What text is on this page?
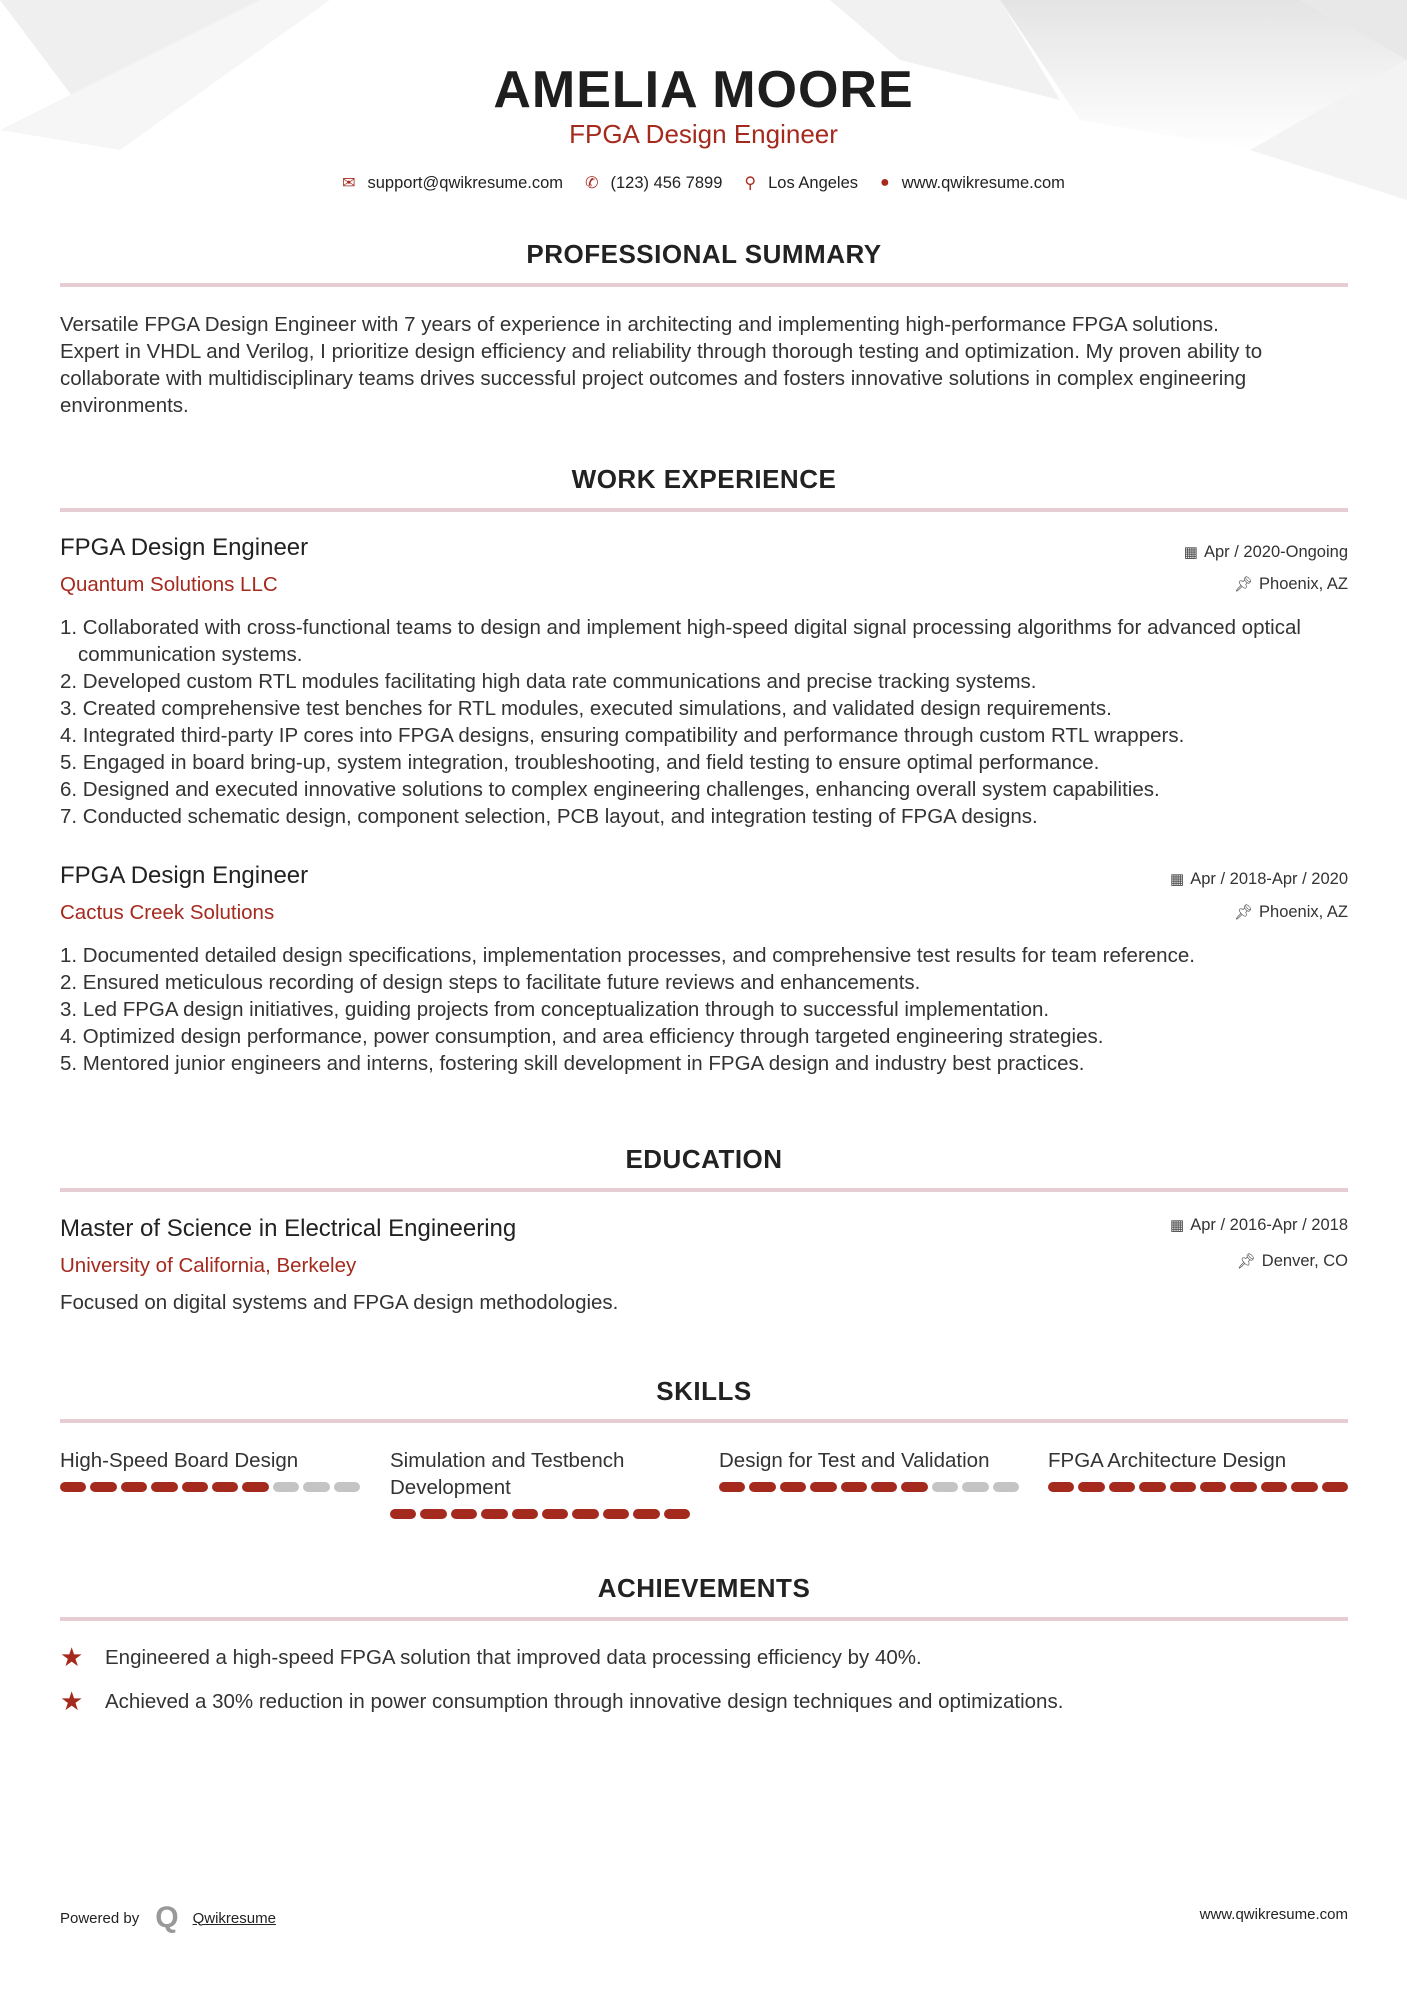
AMELIA MOORE
FPGA Design Engineer
✉ support@qwikresume.com ✆ (123) 456 7899 ⚲ Los Angeles ● www.qwikresume.com
PROFESSIONAL SUMMARY
Versatile FPGA Design Engineer with 7 years of experience in architecting and implementing high-performance FPGA solutions.
Expert in VHDL and Verilog, I prioritize design efficiency and reliability through thorough testing and optimization. My proven ability to
collaborate with multidisciplinary teams drives successful project outcomes and fosters innovative solutions in complex engineering
environments.
WORK EXPERIENCE
FPGA Design Engineer
Quantum Solutions LLC
▦ Apr / 2020-Ongoing
📌︎ Phoenix, AZ
1. Collaborated with cross-functional teams to design and implement high-speed digital signal processing algorithms for advanced optical communication systems.
2. Developed custom RTL modules facilitating high data rate communications and precise tracking systems.
3. Created comprehensive test benches for RTL modules, executed simulations, and validated design requirements.
4. Integrated third-party IP cores into FPGA designs, ensuring compatibility and performance through custom RTL wrappers.
5. Engaged in board bring-up, system integration, troubleshooting, and field testing to ensure optimal performance.
6. Designed and executed innovative solutions to complex engineering challenges, enhancing overall system capabilities.
7. Conducted schematic design, component selection, PCB layout, and integration testing of FPGA designs.
FPGA Design Engineer
Cactus Creek Solutions
▦ Apr / 2018-Apr / 2020
📌︎ Phoenix, AZ
1. Documented detailed design specifications, implementation processes, and comprehensive test results for team reference.
2. Ensured meticulous recording of design steps to facilitate future reviews and enhancements.
3. Led FPGA design initiatives, guiding projects from conceptualization through to successful implementation.
4. Optimized design performance, power consumption, and area efficiency through targeted engineering strategies.
5. Mentored junior engineers and interns, fostering skill development in FPGA design and industry best practices.
EDUCATION
Master of Science in Electrical Engineering
University of California, Berkeley
▦ Apr / 2016-Apr / 2018
📌︎ Denver, CO
Focused on digital systems and FPGA design methodologies.
SKILLS
High-Speed Board Design	Simulation and Testbench Development
Design for Test and Validation	FPGA Architecture Design
ACHIEVEMENTS
★	Engineered a high-speed FPGA solution that improved data processing efficiency by 40%.
★	Achieved a 30% reduction in power consumption through innovative design techniques and optimizations.
Powered by Q Qwikresume	www.qwikresume.com
